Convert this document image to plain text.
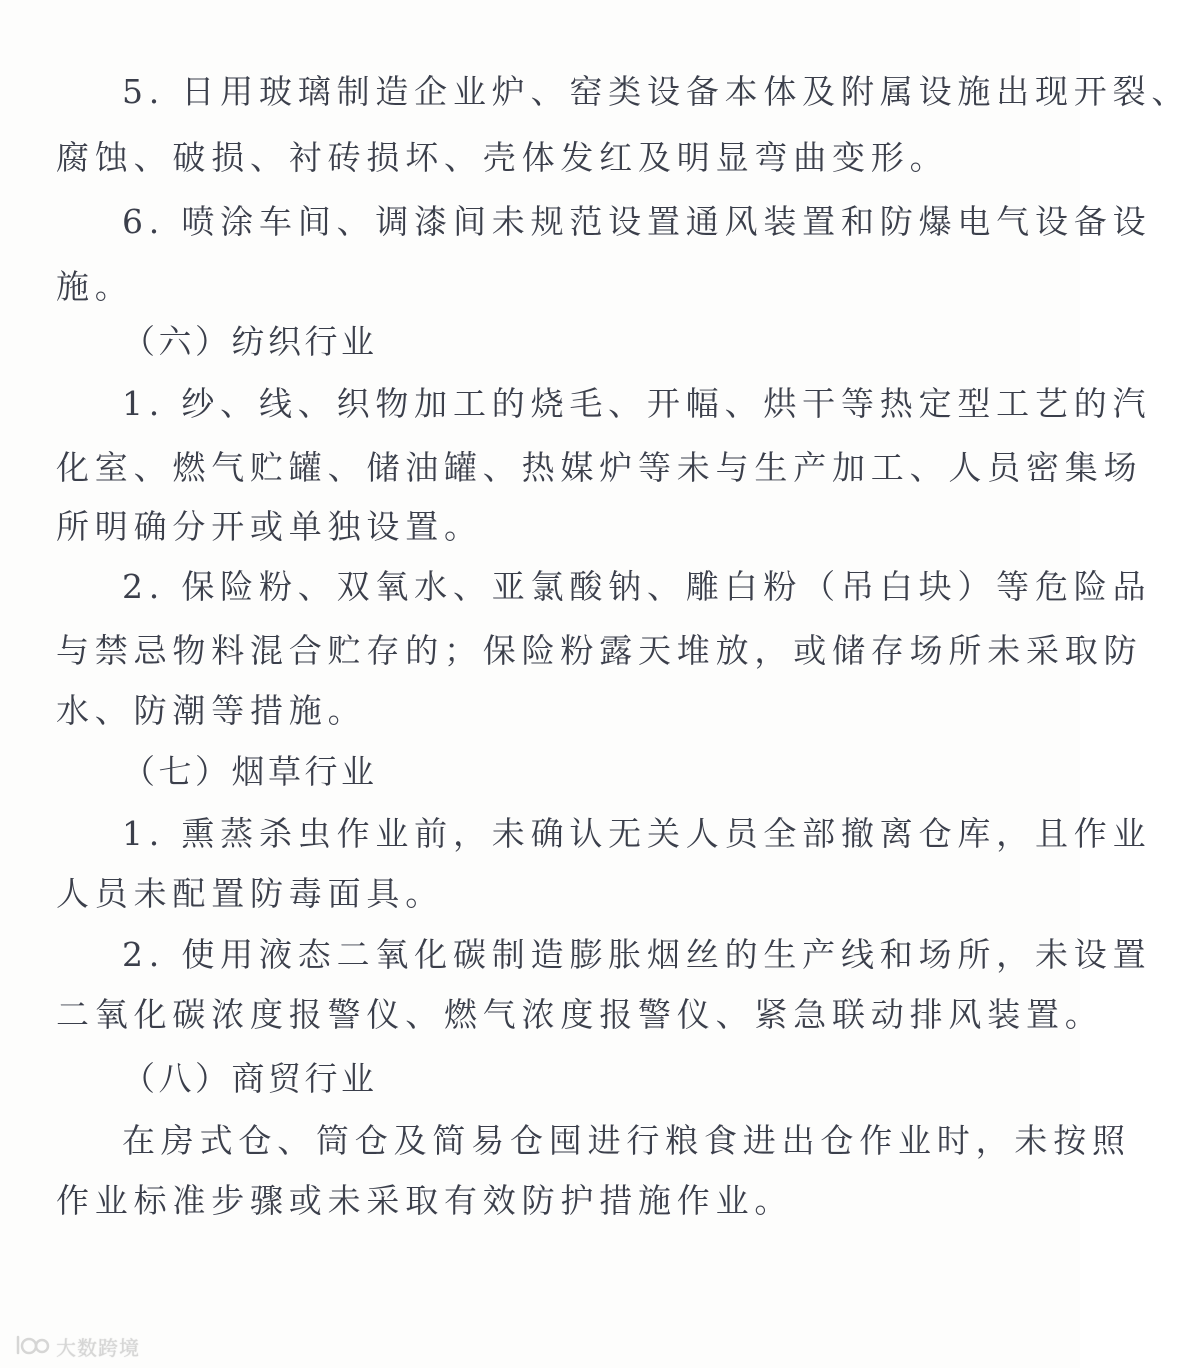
5. 日用玻璃制造企业炉、窑类设备本体及附属设施出现开裂、
腐蚀、破损、衬砖损坏、壳体发红及明显弯曲变形。
6. 喷涂车间、调漆间未规范设置通风装置和防爆电气设备设
施。
（六）纺织行业
1. 纱、线、织物加工的烧毛、开幅、烘干等热定型工艺的汽
化室、燃气贮罐、储油罐、热媒炉等未与生产加工、人员密集场
所明确分开或单独设置。
2. 保险粉、双氧水、亚氯酸钠、雕白粉（吊白块）等危险品
与禁忌物料混合贮存的；保险粉露天堆放，或储存场所未采取防
水、防潮等措施。
（七）烟草行业
1. 熏蒸杀虫作业前，未确认无关人员全部撤离仓库，且作业
人员未配置防毒面具。
2. 使用液态二氧化碳制造膨胀烟丝的生产线和场所，未设置
二氧化碳浓度报警仪、燃气浓度报警仪、紧急联动排风装置。
（八）商贸行业
在房式仓、筒仓及简易仓囤进行粮食进出仓作业时，未按照
作业标准步骤或未采取有效防护措施作业。
大数跨境
